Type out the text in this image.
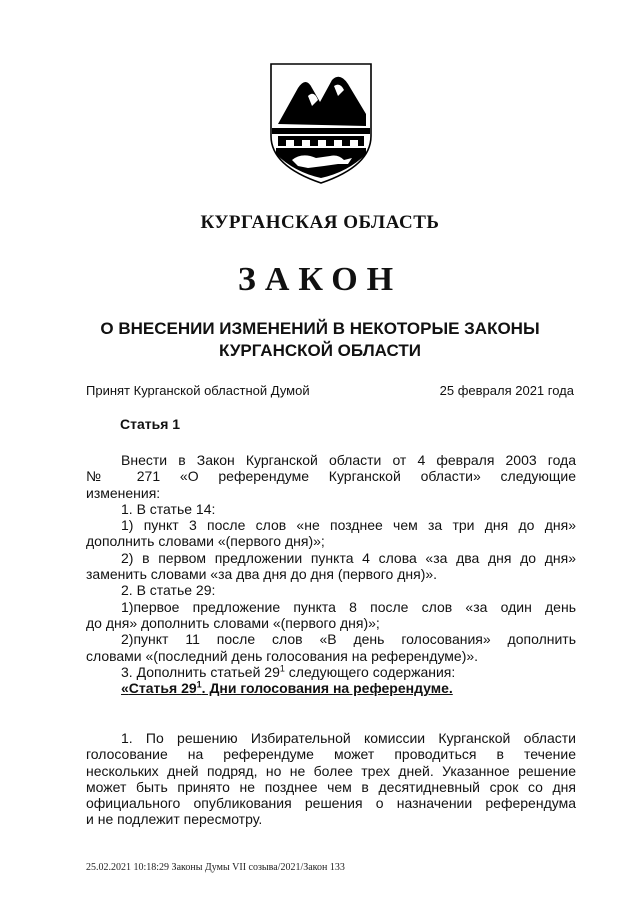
КУРГАНСКАЯ ОБЛАСТЬ
ЗАКОН
О ВНЕСЕНИИ ИЗМЕНЕНИЙ В НЕКОТОРЫЕ ЗАКОНЫ
КУРГАНСКОЙ ОБЛАСТИ
Принят Курганской областной Думой	25 февраля 2021 года
Статья 1

Внести в Закон Курганской области от 4 февраля 2003 года

№ 271 «О референдуме Курганской области» следующие

изменения:

1. В статье 14:

1) пункт 3 после слов «не позднее чем за три дня до дня»

дополнить словами «(первого дня)»;

2) в первом предложении пункта 4 слова «за два дня до дня»

заменить словами «за два дня до дня (первого дня)».

2. В статье 29:

1)первое предложение пункта 8 после слов «за один день

до дня» дополнить словами «(первого дня)»;

2)пункт 11 после слов «В день голосования» дополнить

словами «(последний день голосования на референдуме)».

3. Дополнить статьей $29^1$ следующего содержания:

«Статья $29^1$. Дни голосования на референдуме.

1. По решению Избирательной комиссии Курганской области

голосование на референдуме может проводиться в течение

нескольких дней подряд, но не более трех дней. Указанное решение

может быть принято не позднее чем в десятидневный срок со дня

официального опубликования решения о назначении референдума

и не подлежит пересмотру.

25.02.2021 10:18:29 Законы Думы VII созыва/2021/Закон 133
